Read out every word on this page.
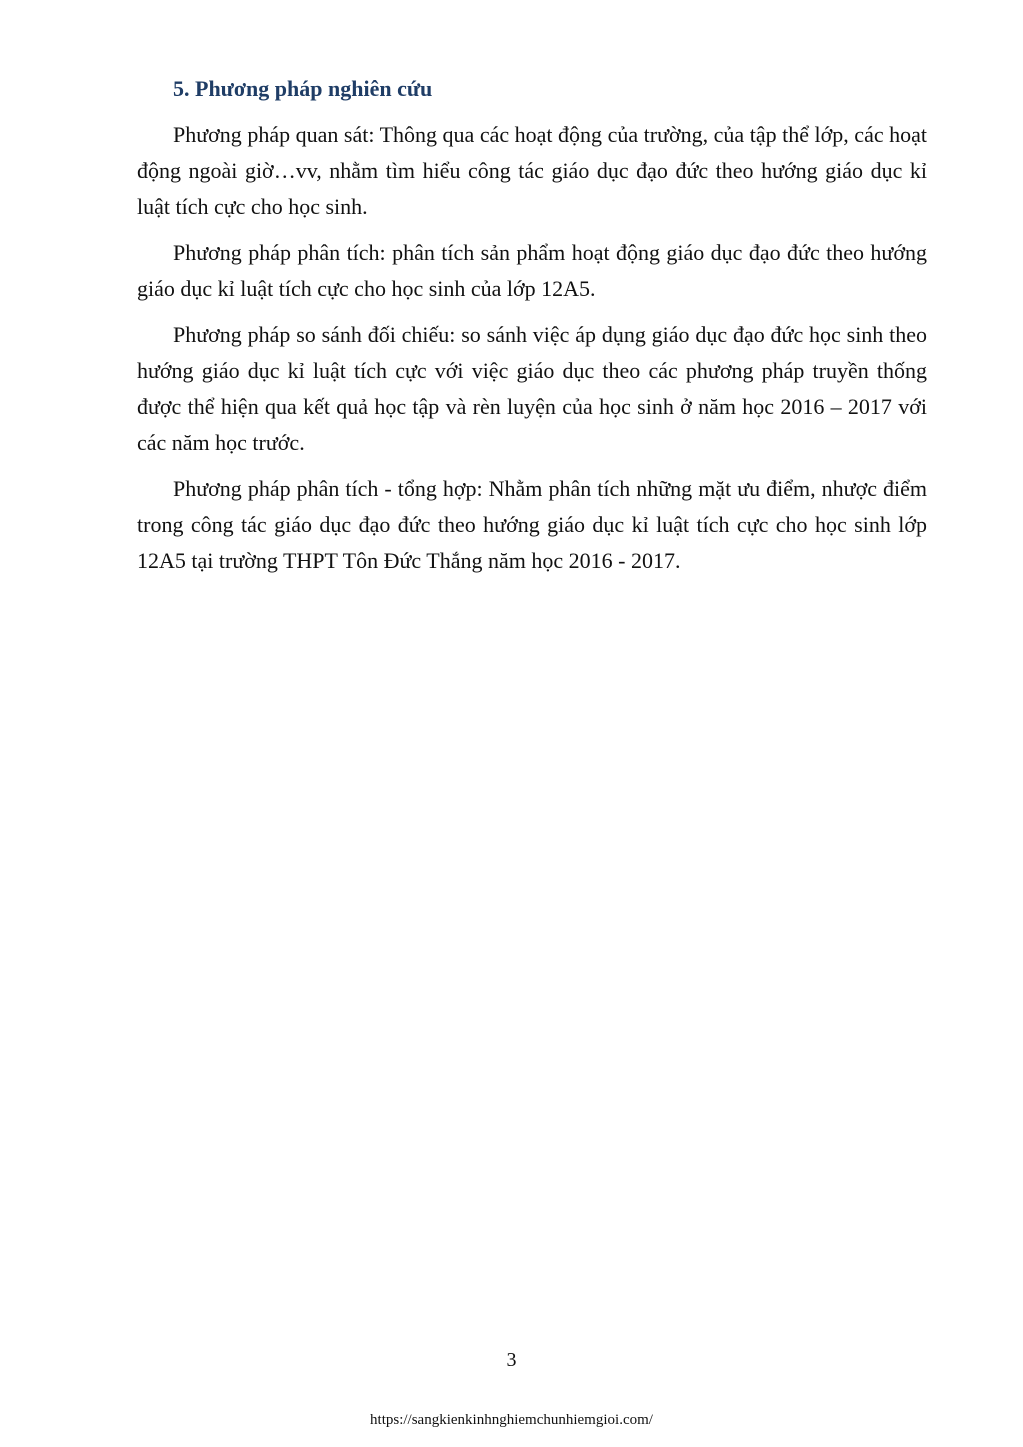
5. Phương pháp nghiên cứu

Phương pháp quan sát: Thông qua các hoạt động của trường, của tập thể lớp, các hoạt động ngoài giờ…vv, nhằm tìm hiểu công tác giáo dục đạo đức theo hướng giáo dục kỉ luật tích cực cho học sinh.

Phương pháp phân tích: phân tích sản phẩm hoạt động giáo dục đạo đức theo hướng giáo dục kỉ luật tích cực cho học sinh của lớp 12A5.

Phương pháp so sánh đối chiếu: so sánh việc áp dụng giáo dục đạo đức học sinh theo hướng giáo dục kỉ luật tích cực với việc giáo dục theo các phương pháp truyền thống được thể hiện qua kết quả học tập và rèn luyện của học sinh ở năm học 2016 – 2017 với các năm học trước.

Phương pháp phân tích - tổng hợp: Nhằm phân tích những mặt ưu điểm, nhược điểm trong công tác giáo dục đạo đức theo hướng giáo dục kỉ luật tích cực cho học sinh lớp 12A5 tại trường THPT Tôn Đức Thắng năm học 2016 - 2017.

3
https://sangkienkinhnghiemchunhiemgioi.com/
